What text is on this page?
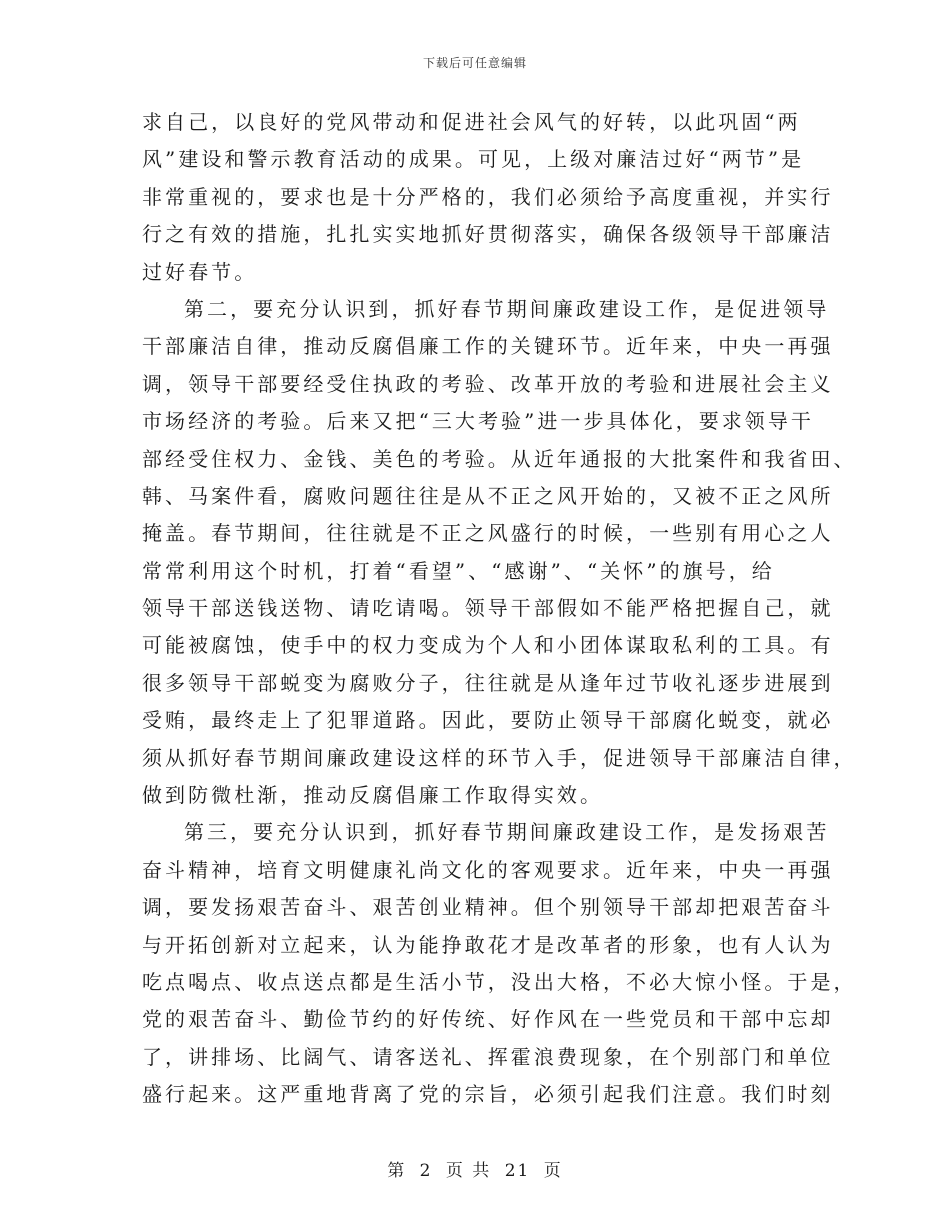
下载后可任意编辑
求自己，以良好的党风带动和促进社会风气的好转，以此巩固“两
风”建设和警示教育活动的成果。可见，上级对廉洁过好“两节”是
非常重视的，要求也是十分严格的，我们必须给予高度重视，并实行
行之有效的措施，扎扎实实地抓好贯彻落实，确保各级领导干部廉洁
过好春节。
第二，要充分认识到，抓好春节期间廉政建设工作，是促进领导
干部廉洁自律，推动反腐倡廉工作的关键环节。近年来，中央一再强
调，领导干部要经受住执政的考验、改革开放的考验和进展社会主义
市场经济的考验。后来又把“三大考验”进一步具体化，要求领导干
部经受住权力、金钱、美色的考验。从近年通报的大批案件和我省田、
韩、马案件看，腐败问题往往是从不正之风开始的，又被不正之风所
掩盖。春节期间，往往就是不正之风盛行的时候，一些别有用心之人
常常利用这个时机，打着“看望”、“感谢”、“关怀”的旗号，给
领导干部送钱送物、请吃请喝。领导干部假如不能严格把握自己，就
可能被腐蚀，使手中的权力变成为个人和小团体谋取私利的工具。有
很多领导干部蜕变为腐败分子，往往就是从逢年过节收礼逐步进展到
受贿，最终走上了犯罪道路。因此，要防止领导干部腐化蜕变，就必
须从抓好春节期间廉政建设这样的环节入手，促进领导干部廉洁自律，
做到防微杜渐，推动反腐倡廉工作取得实效。
第三，要充分认识到，抓好春节期间廉政建设工作，是发扬艰苦
奋斗精神，培育文明健康礼尚文化的客观要求。近年来，中央一再强
调，要发扬艰苦奋斗、艰苦创业精神。但个别领导干部却把艰苦奋斗
与开拓创新对立起来，认为能挣敢花才是改革者的形象，也有人认为
吃点喝点、收点送点都是生活小节，没出大格，不必大惊小怪。于是，
党的艰苦奋斗、勤俭节约的好传统、好作风在一些党员和干部中忘却
了，讲排场、比阔气、请客送礼、挥霍浪费现象，在个别部门和单位
盛行起来。这严重地背离了党的宗旨，必须引起我们注意。我们时刻
第 2 页 共 21 页
